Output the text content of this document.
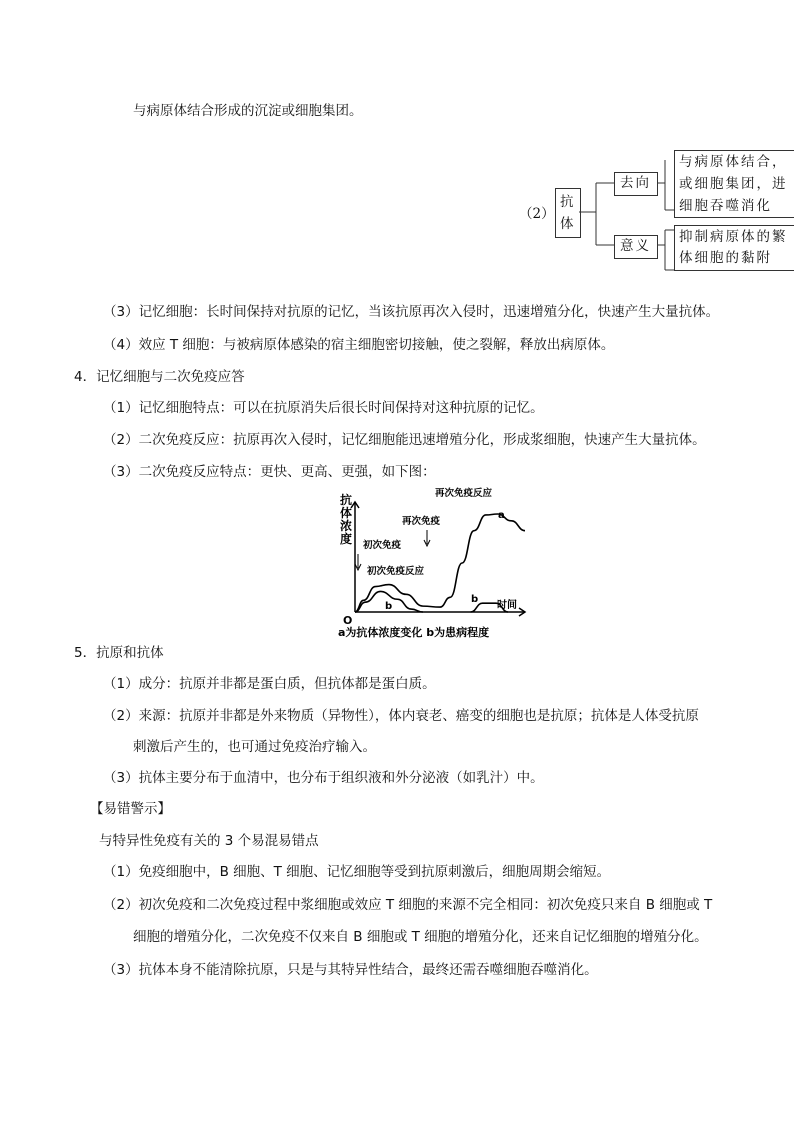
与病原体结合形成的沉淀或细胞集团。
（2）
抗
体
去向
意义
与病原体结合，
或细胞集团，进
细胞吞噬消化
抑制病原体的繁
体细胞的黏附
（3）记忆细胞：长时间保持对抗原的记忆，当该抗原再次入侵时，迅速增殖分化，快速产生大量抗体。
（4）效应 T 细胞：与被病原体感染的宿主细胞密切接触，使之裂解，释放出病原体。
4．记忆细胞与二次免疫应答
（1）记忆细胞特点：可以在抗原消失后很长时间保持对这种抗原的记忆。
（2）二次免疫反应：抗原再次入侵时，记忆细胞能迅速增殖分化，形成浆细胞，快速产生大量抗体。
（3）二次免疫反应特点：更快、更高、更强，如下图：
抗
体
浓
度
时间
O
a为抗体浓度变化 b为患病程度
再次免疫反应
a
再次免疫
初次免疫
初次免疫反应
b
b
5．抗原和抗体
（1）成分：抗原并非都是蛋白质，但抗体都是蛋白质。
（2）来源：抗原并非都是外来物质（异物性），体内衰老、癌变的细胞也是抗原；抗体是人体受抗原
刺激后产生的，也可通过免疫治疗输入。
（3）抗体主要分布于血清中，也分布于组织液和外分泌液（如乳汁）中。
【易错警示】
与特异性免疫有关的 3 个易混易错点
（1）免疫细胞中，B 细胞、T 细胞、记忆细胞等受到抗原刺激后，细胞周期会缩短。
（2）初次免疫和二次免疫过程中浆细胞或效应 T 细胞的来源不完全相同：初次免疫只来自 B 细胞或 T
细胞的增殖分化，二次免疫不仅来自 B 细胞或 T 细胞的增殖分化，还来自记忆细胞的增殖分化。
（3）抗体本身不能清除抗原，只是与其特异性结合，最终还需吞噬细胞吞噬消化。
